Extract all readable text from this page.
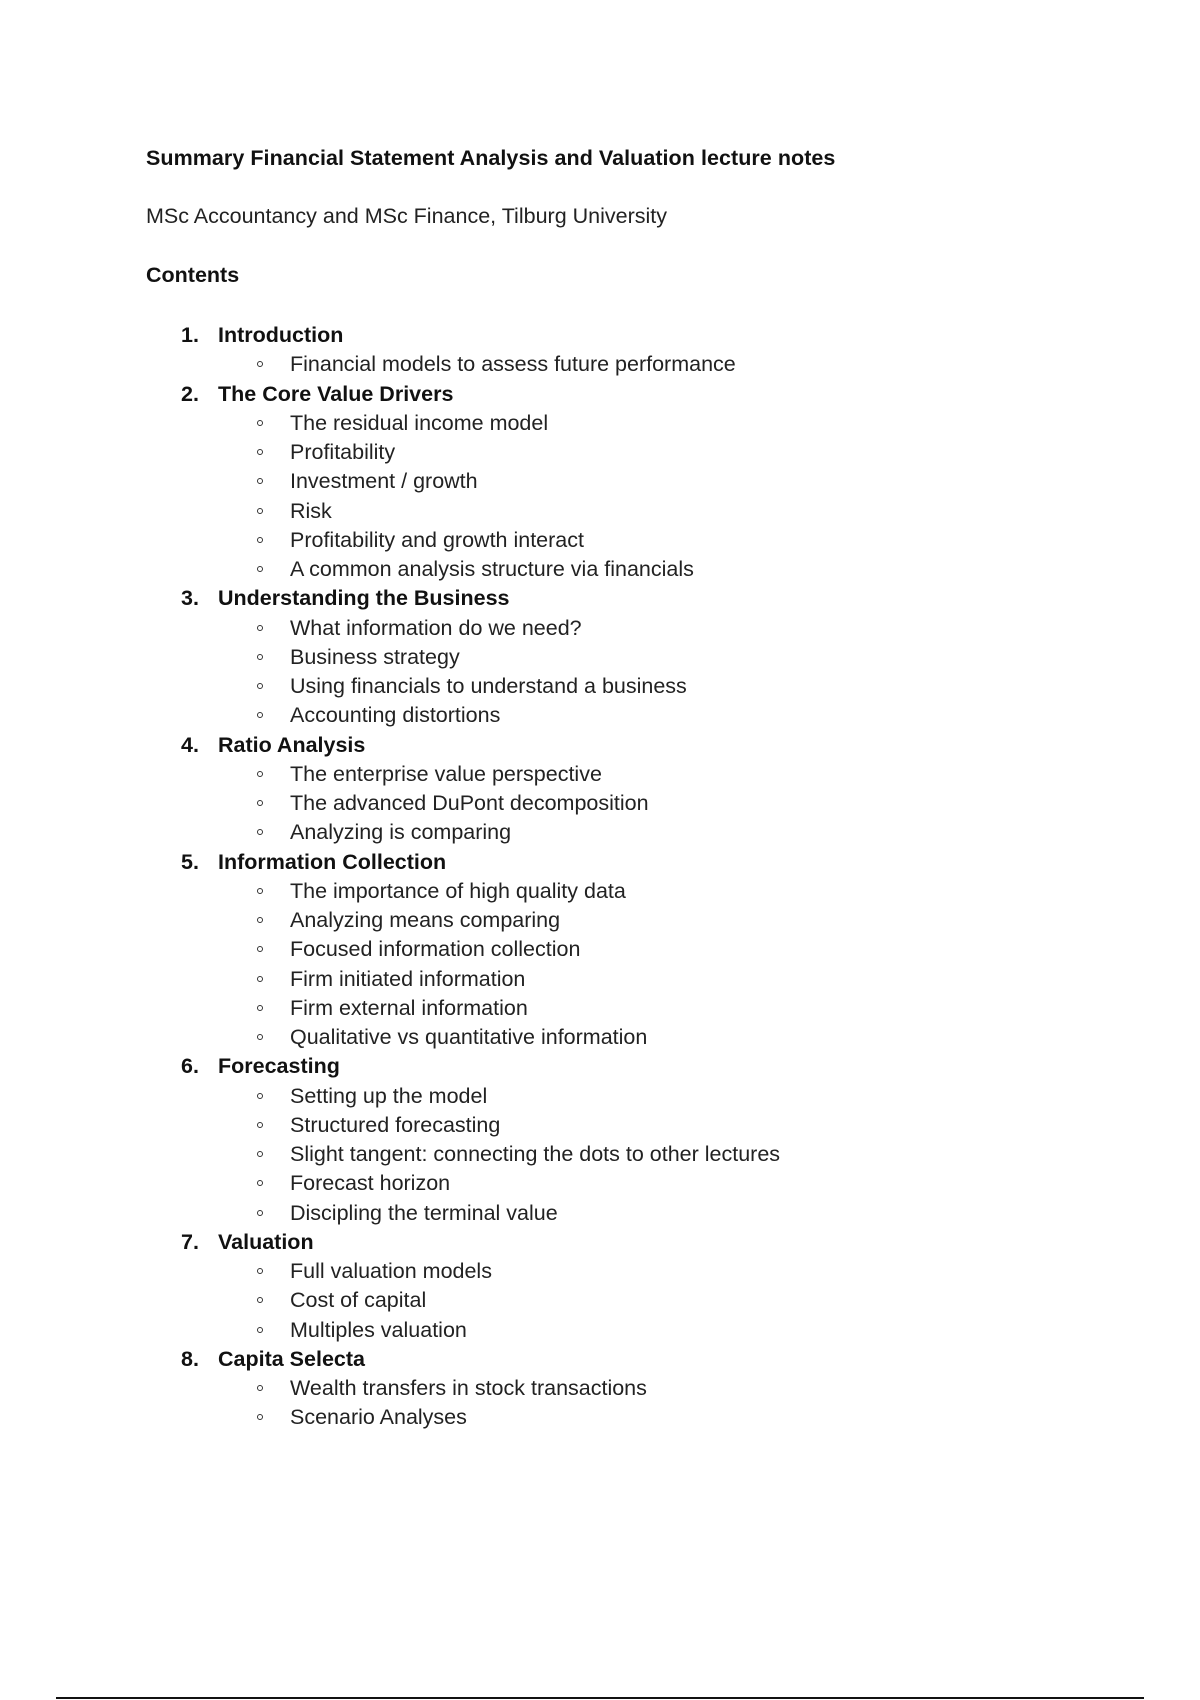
Summary Financial Statement Analysis and Valuation lecture notes
MSc Accountancy and MSc Finance, Tilburg University
Contents
1. Introduction
Financial models to assess future performance
2. The Core Value Drivers
The residual income model
Profitability
Investment / growth
Risk
Profitability and growth interact
A common analysis structure via financials
3. Understanding the Business
What information do we need?
Business strategy
Using financials to understand a business
Accounting distortions
4. Ratio Analysis
The enterprise value perspective
The advanced DuPont decomposition
Analyzing is comparing
5. Information Collection
The importance of high quality data
Analyzing means comparing
Focused information collection
Firm initiated information
Firm external information
Qualitative vs quantitative information
6. Forecasting
Setting up the model
Structured forecasting
Slight tangent: connecting the dots to other lectures
Forecast horizon
Discipling the terminal value
7. Valuation
Full valuation models
Cost of capital
Multiples valuation
8. Capita Selecta
Wealth transfers in stock transactions
Scenario Analyses
